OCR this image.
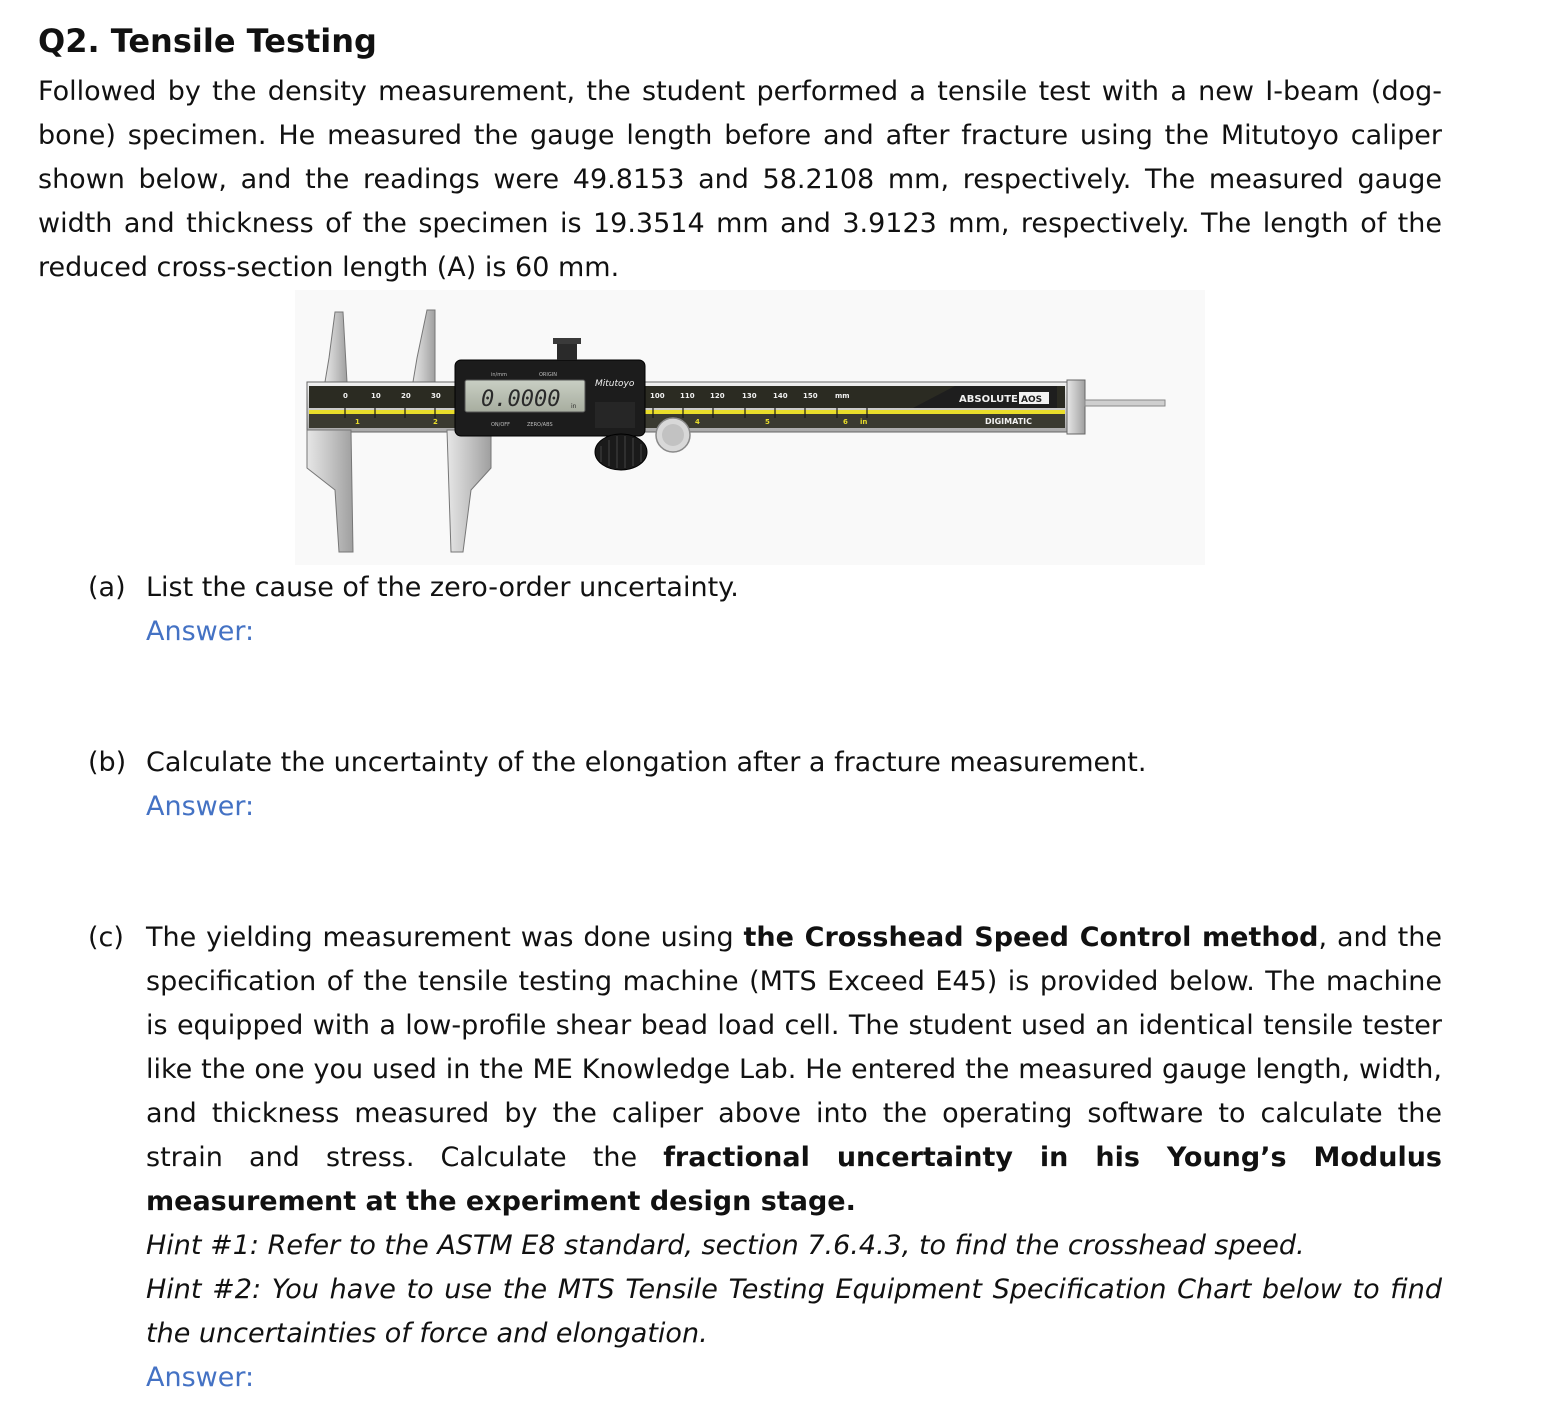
Q2. Tensile Testing

Followed by the density measurement, the student performed a tensile test with a new I-beam (dog-bone) specimen. He measured the gauge length before and after fracture using the Mitutoyo caliper shown below, and the readings were 49.8153 and 58.2108 mm, respectively. The measured gauge width and thickness of the specimen is 19.3514 mm and 3.9123 mm, respectively. The length of the reduced cross-section length (A) is 60 mm.

0	10	20	30	100 110 120 130 140 150 mm
1	2	4	5	6 in
ABSOLUTE AOS
DIGIMATIC
Mitutoyo
in/mm	ORIGIN
0.0000 in
ON/OFF	ZERO/ABS
(a) List the cause of the zero-order uncertainty.
Answer:
(b) Calculate the uncertainty of the elongation after a fracture measurement.
Answer:
(c) The yielding measurement was done using the Crosshead Speed Control method, and the specification of the tensile testing machine (MTS Exceed E45) is provided below. The machine is equipped with a low-profile shear bead load cell. The student used an identical tensile tester like the one you used in the ME Knowledge Lab. He entered the measured gauge length, width, and thickness measured by the caliper above into the operating software to calculate the strain and stress. Calculate the fractional uncertainty in his Young’s Modulus measurement at the experiment design stage.
Hint #1: Refer to the ASTM E8 standard, section 7.6.4.3, to find the crosshead speed.
Hint #2: You have to use the MTS Tensile Testing Equipment Specification Chart below to find the uncertainties of force and elongation.
Answer:
